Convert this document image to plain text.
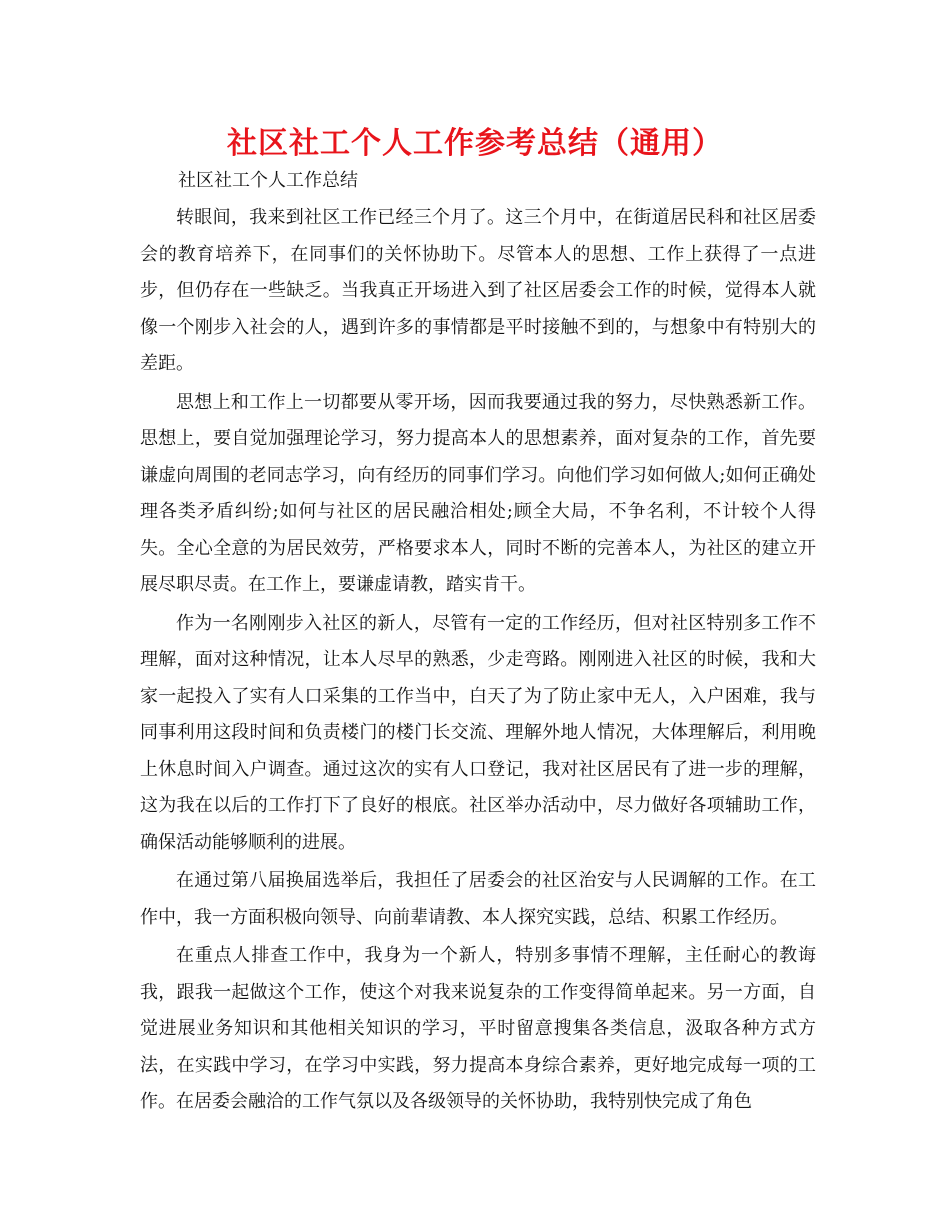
社区社工个人工作参考总结（通用）

社区社工个人工作总结

转眼间，我来到社区工作已经三个月了。这三个月中，在街道居民科和社区居委会的教育培养下，在同事们的关怀协助下。尽管本人的思想、工作上获得了一点进步，但仍存在一些缺乏。当我真正开场进入到了社区居委会工作的时候，觉得本人就像一个刚步入社会的人，遇到许多的事情都是平时接触不到的，与想象中有特别大的差距。

思想上和工作上一切都要从零开场，因而我要通过我的努力，尽快熟悉新工作。思想上，要自觉加强理论学习，努力提高本人的思想素养，面对复杂的工作，首先要谦虚向周围的老同志学习，向有经历的同事们学习。向他们学习如何做人;如何正确处理各类矛盾纠纷;如何与社区的居民融洽相处;顾全大局，不争名利，不计较个人得失。全心全意的为居民效劳，严格要求本人，同时不断的完善本人，为社区的建立开展尽职尽责。在工作上，要谦虚请教，踏实肯干。

作为一名刚刚步入社区的新人，尽管有一定的工作经历，但对社区特别多工作不理解，面对这种情况，让本人尽早的熟悉，少走弯路。刚刚进入社区的时候，我和大家一起投入了实有人口采集的工作当中，白天了为了防止家中无人，入户困难，我与同事利用这段时间和负责楼门的楼门长交流、理解外地人情况，大体理解后，利用晚上休息时间入户调查。通过这次的实有人口登记，我对社区居民有了进一步的理解，这为我在以后的工作打下了良好的根底。社区举办活动中，尽力做好各项辅助工作，确保活动能够顺利的进展。

在通过第八届换届选举后，我担任了居委会的社区治安与人民调解的工作。在工作中，我一方面积极向领导、向前辈请教、本人探究实践，总结、积累工作经历。

在重点人排查工作中，我身为一个新人，特别多事情不理解，主任耐心的教诲我，跟我一起做这个工作，使这个对我来说复杂的工作变得简单起来。另一方面，自觉进展业务知识和其他相关知识的学习，平时留意搜集各类信息，汲取各种方式方法，在实践中学习，在学习中实践，努力提高本身综合素养，更好地完成每一项的工作。在居委会融洽的工作气氛以及各级领导的关怀协助，我特别快完成了角色
